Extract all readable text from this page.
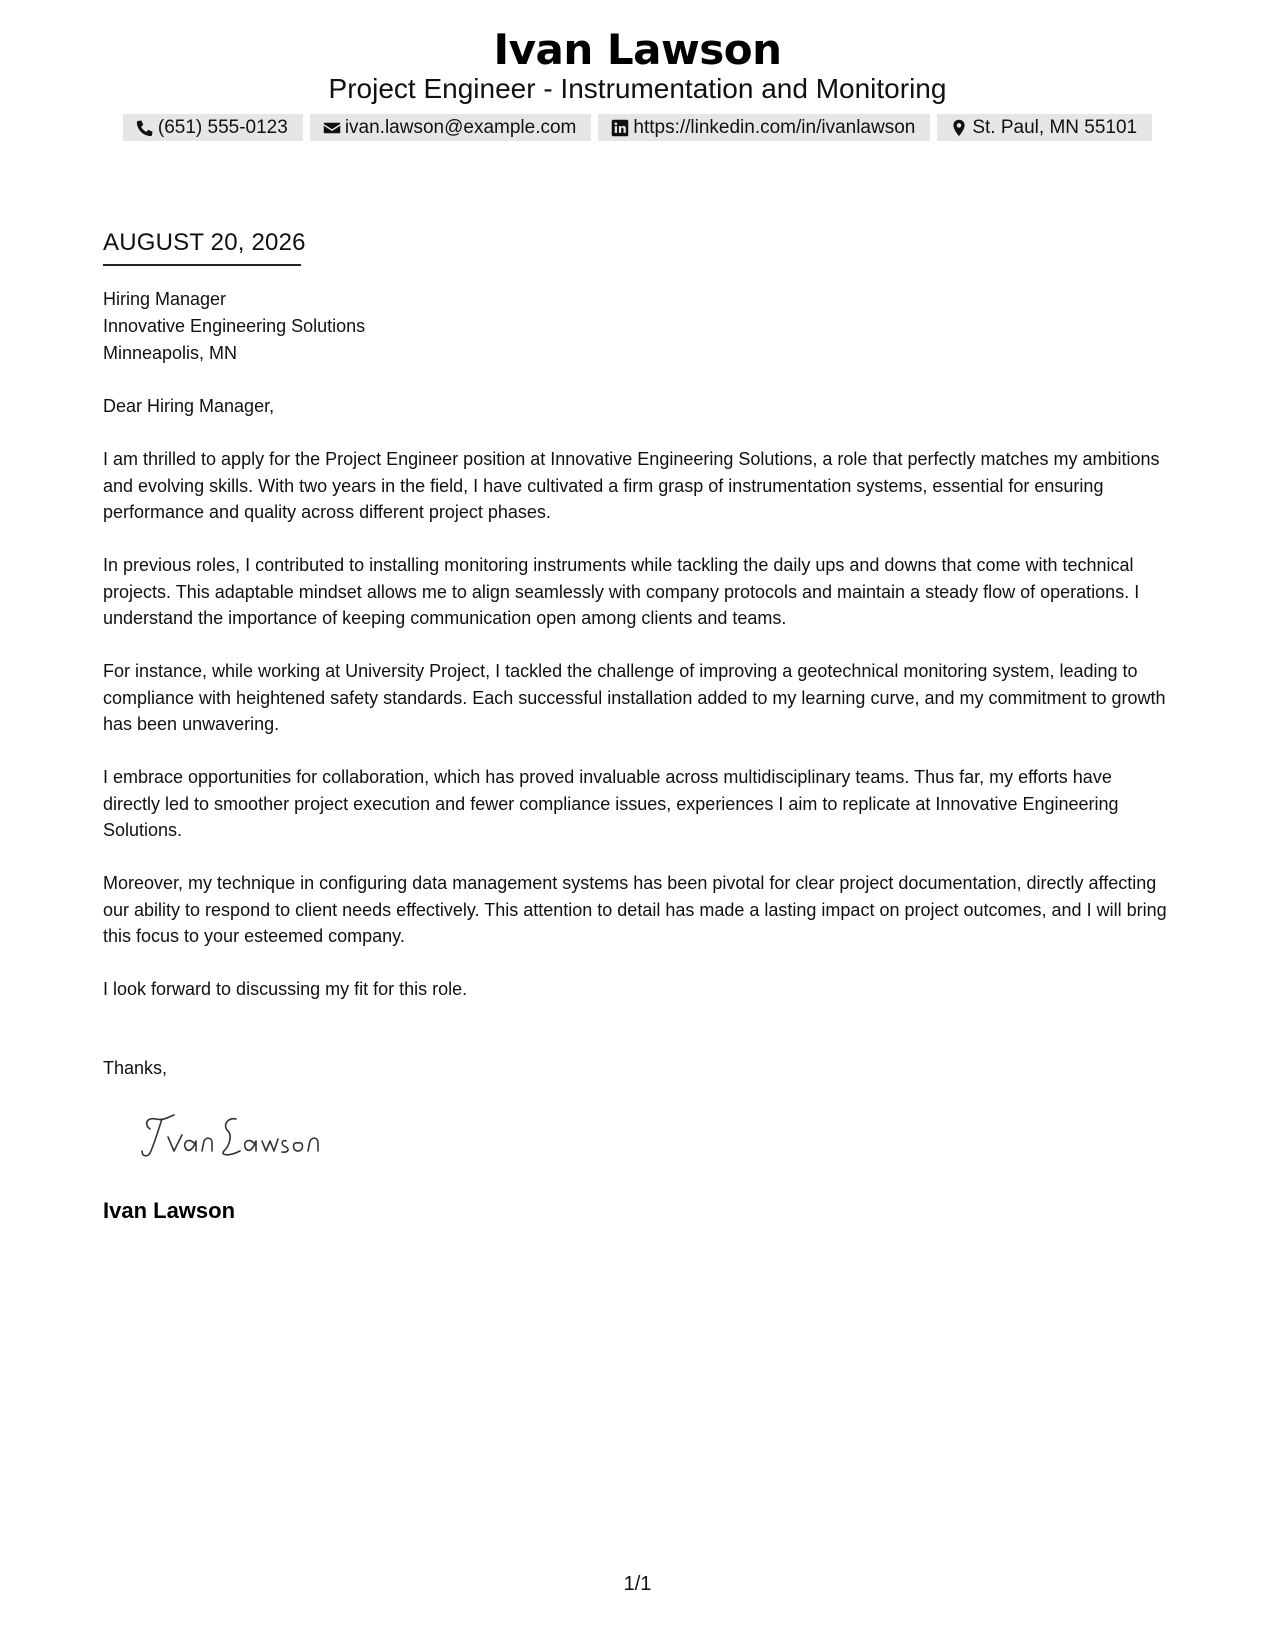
Ivan Lawson
Project Engineer - Instrumentation and Monitoring
(651) 555-0123	ivan.lawson@example.com	https://linkedin.com/in/ivanlawson	St. Paul, MN 55101
AUGUST 20, 2026
Hiring Manager
Innovative Engineering Solutions
Minneapolis, MN
Dear Hiring Manager,
I am thrilled to apply for the Project Engineer position at Innovative Engineering Solutions, a role that perfectly matches my ambitions and evolving skills. With two years in the field, I have cultivated a firm grasp of instrumentation systems, essential for ensuring performance and quality across different project phases.
In previous roles, I contributed to installing monitoring instruments while tackling the daily ups and downs that come with technical projects. This adaptable mindset allows me to align seamlessly with company protocols and maintain a steady flow of operations. I understand the importance of keeping communication open among clients and teams.
For instance, while working at University Project, I tackled the challenge of improving a geotechnical monitoring system, leading to compliance with heightened safety standards. Each successful installation added to my learning curve, and my commitment to growth has been unwavering.
I embrace opportunities for collaboration, which has proved invaluable across multidisciplinary teams. Thus far, my efforts have directly led to smoother project execution and fewer compliance issues, experiences I aim to replicate at Innovative Engineering Solutions.
Moreover, my technique in configuring data management systems has been pivotal for clear project documentation, directly affecting our ability to respond to client needs effectively. This attention to detail has made a lasting impact on project outcomes, and I will bring this focus to your esteemed company.
I look forward to discussing my fit for this role.
Thanks,
Ivan Lawson
1/1
